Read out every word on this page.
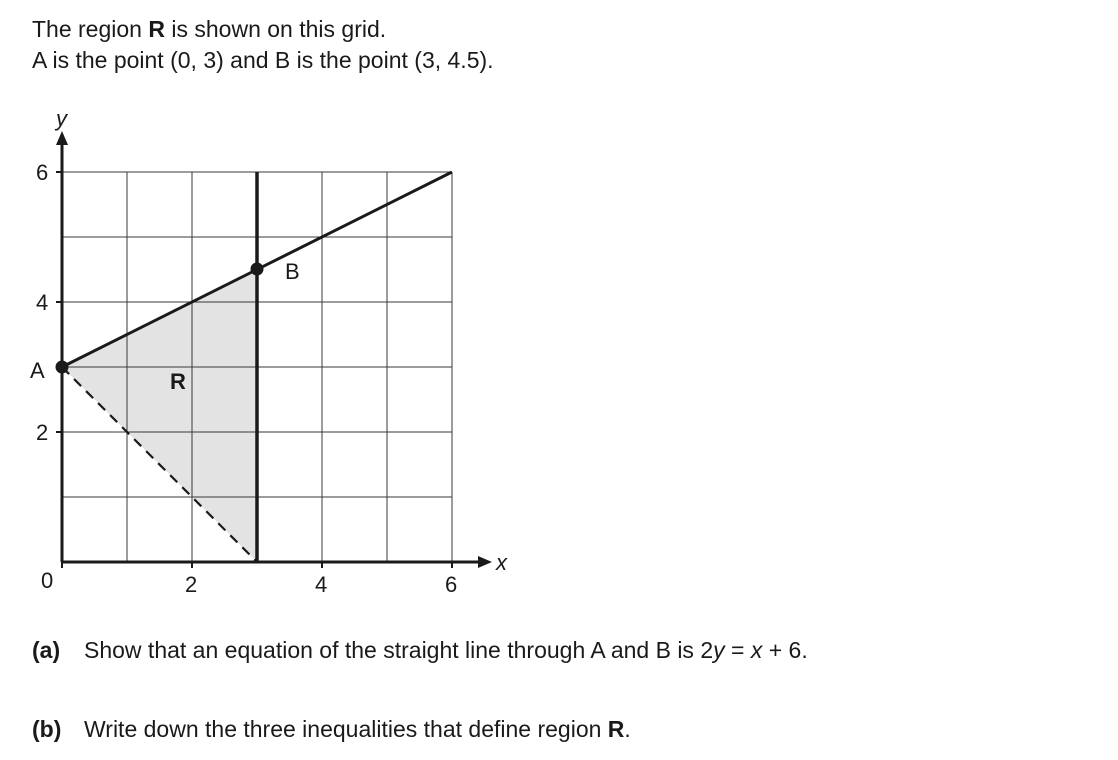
The region R is shown on this grid.
A is the point (0, 3) and B is the point (3, 4.5).
y
x
0
6
4
2
2	4	6
A
B
R
(a) Show that an equation of the straight line through A and B is 2y = x + 6.
(b) Write down the three inequalities that define region R.
